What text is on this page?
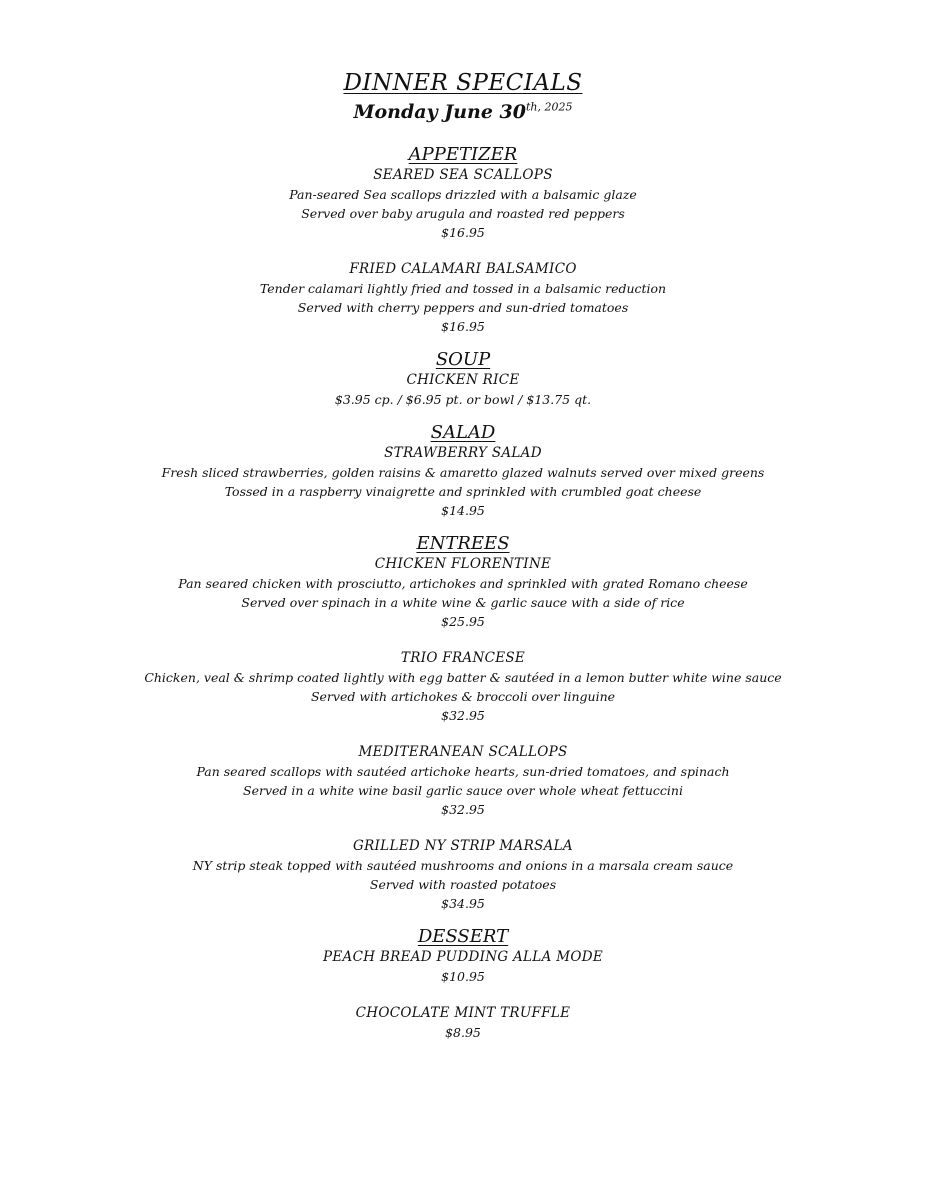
DINNER SPECIALS
Monday June $30^{th, 2025}$
APPETIZER
SEARED SEA SCALLOPS
Pan-seared Sea scallops drizzled with a balsamic glaze
Served over baby arugula and roasted red peppers
$16.95
FRIED CALAMARI BALSAMICO
Tender calamari lightly fried and tossed in a balsamic reduction
Served with cherry peppers and sun-dried tomatoes
$16.95
SOUP
CHICKEN RICE
$3.95 cp. / $6.95 pt. or bowl / $13.75 qt.
SALAD
STRAWBERRY SALAD
Fresh sliced strawberries, golden raisins & amaretto glazed walnuts served over mixed greens
Tossed in a raspberry vinaigrette and sprinkled with crumbled goat cheese
$14.95
ENTREES
CHICKEN FLORENTINE
Pan seared chicken with prosciutto, artichokes and sprinkled with grated Romano cheese
Served over spinach in a white wine & garlic sauce with a side of rice
$25.95
TRIO FRANCESE
Chicken, veal & shrimp coated lightly with egg batter & sautéed in a lemon butter white wine sauce
Served with artichokes & broccoli over linguine
$32.95
MEDITERANEAN SCALLOPS
Pan seared scallops with sautéed artichoke hearts, sun-dried tomatoes, and spinach
Served in a white wine basil garlic sauce over whole wheat fettuccini
$32.95
GRILLED NY STRIP MARSALA
NY strip steak topped with sautéed mushrooms and onions in a marsala cream sauce
Served with roasted potatoes
$34.95
DESSERT
PEACH BREAD PUDDING ALLA MODE
$10.95
CHOCOLATE MINT TRUFFLE
$8.95
